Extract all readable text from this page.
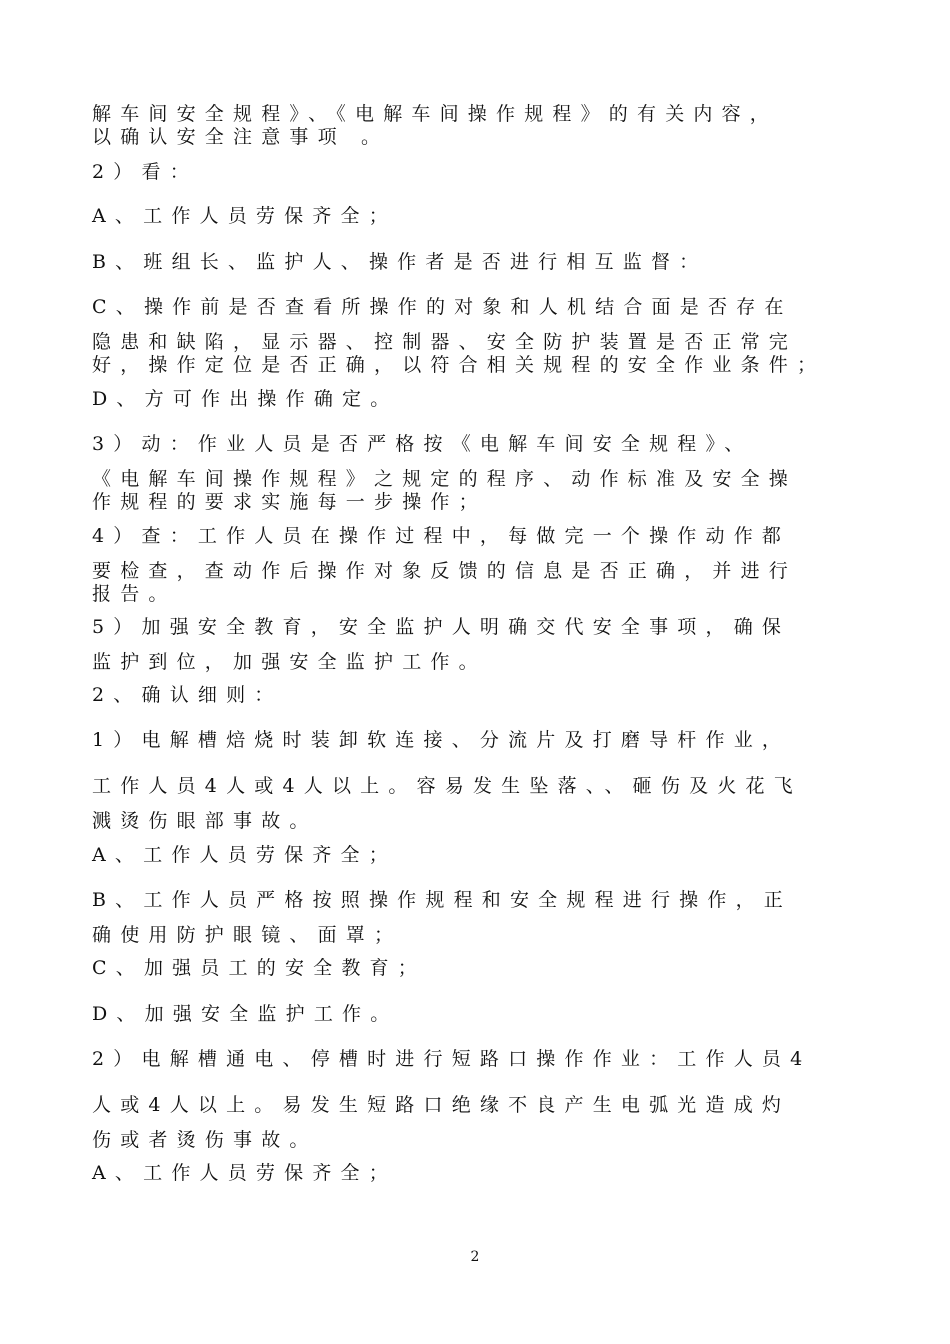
解车间安全规程》、《电解车间操作规程》的有关内容，
以确认安全注意事项 。
2）看：
A、工作人员劳保齐全；
B、班组长、监护人、操作者是否进行相互监督：
C、操作前是否查看所操作的对象和人机结合面是否存在
隐患和缺陷，显示器、控制器、安全防护装置是否正常完
好，操作定位是否正确，以符合相关规程的安全作业条件；
D、方可作出操作确定。
3）动：作业人员是否严格按《电解车间安全规程》、
《电解车间操作规程》之规定的程序、动作标准及安全操
作规程的要求实施每一步操作；
4）查：工作人员在操作过程中，每做完一个操作动作都
要检查，查动作后操作对象反馈的信息是否正确，并进行
报告。
5）加强安全教育，安全监护人明确交代安全事项，确保
监护到位，加强安全监护工作。
2、确认细则：
1）电解槽焙烧时装卸软连接、分流片及打磨导杆作业，
工作人员4人或4人以上。容易发生坠落、、砸伤及火花飞
溅烫伤眼部事故。
A、工作人员劳保齐全；
B、工作人员严格按照操作规程和安全规程进行操作，正
确使用防护眼镜、面罩；
C、加强员工的安全教育；
D、加强安全监护工作。
2）电解槽通电、停槽时进行短路口操作作业：工作人员4
人或4人以上。易发生短路口绝缘不良产生电弧光造成灼
伤或者烫伤事故。
A、工作人员劳保齐全；
2
